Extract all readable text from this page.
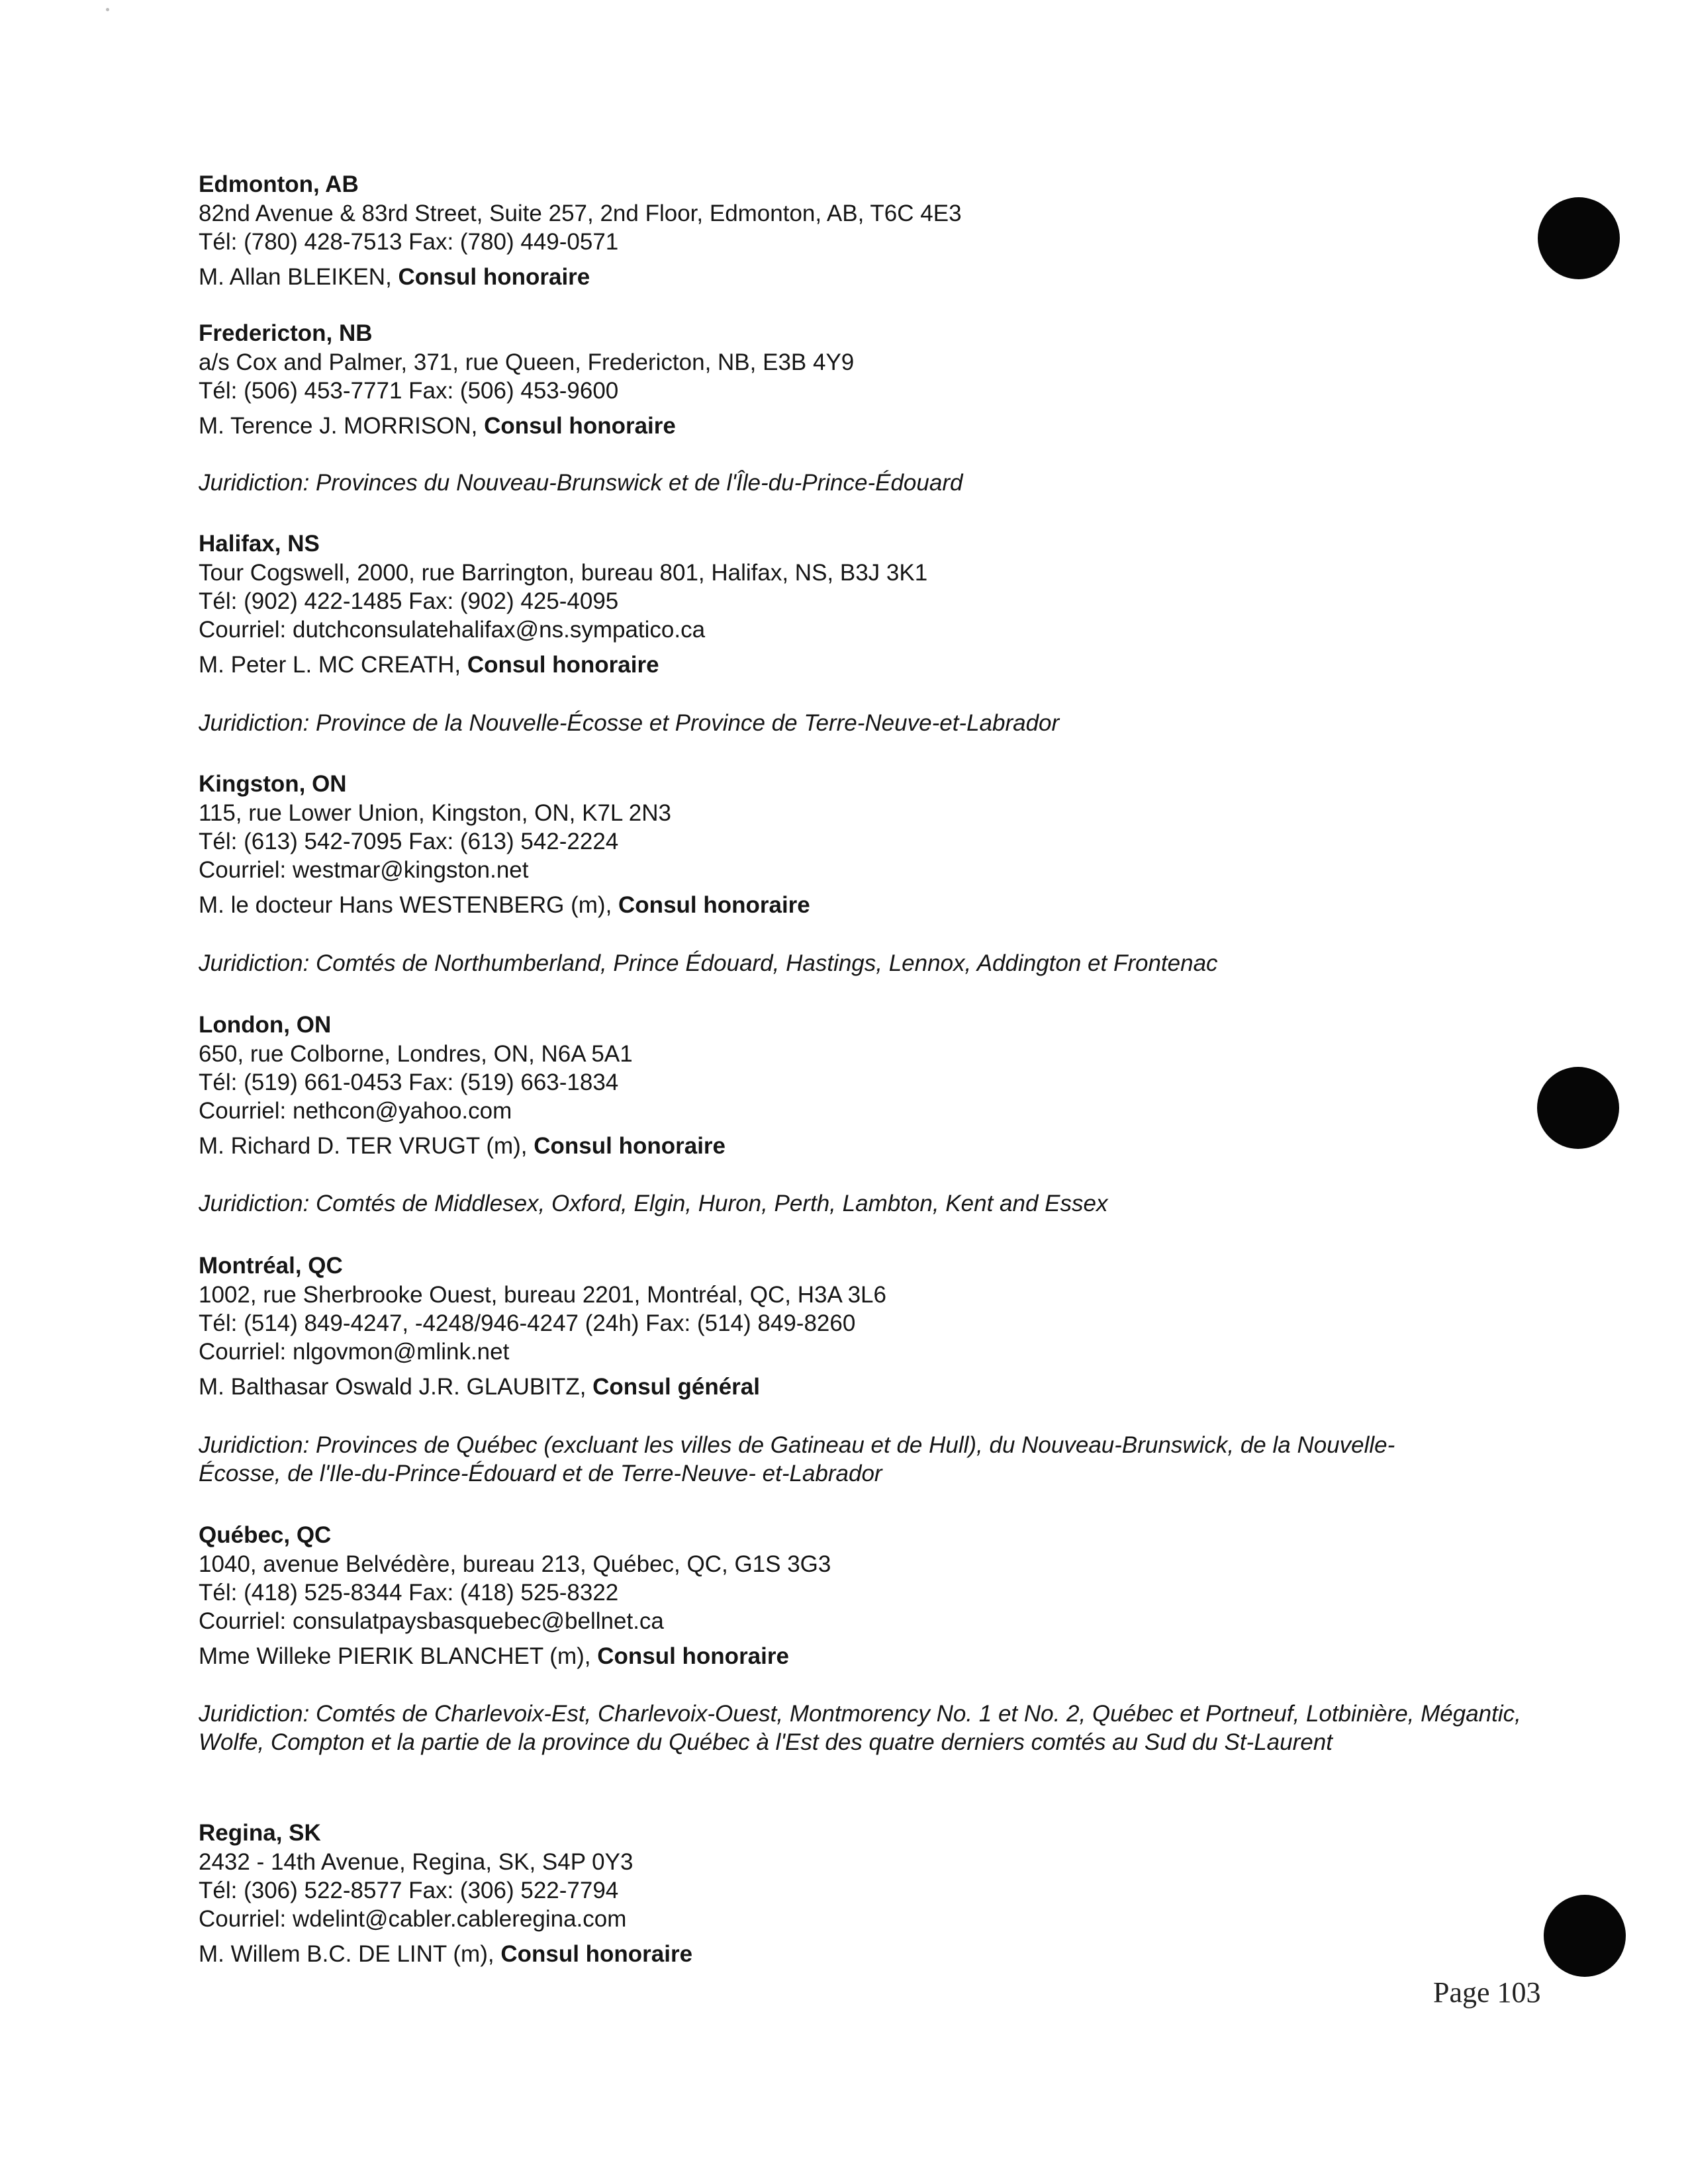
Edmonton, AB
82nd Avenue & 83rd Street, Suite 257, 2nd Floor, Edmonton, AB, T6C 4E3
Tél: (780) 428-7513 Fax: (780) 449-0571
M. Allan BLEIKEN, Consul honoraire
Fredericton, NB
a/s Cox and Palmer, 371, rue Queen, Fredericton, NB, E3B 4Y9
Tél: (506) 453-7771 Fax: (506) 453-9600
M. Terence J. MORRISON, Consul honoraire
Juridiction: Provinces du Nouveau-Brunswick et de l'Île-du-Prince-Édouard
Halifax, NS
Tour Cogswell, 2000, rue Barrington, bureau 801, Halifax, NS, B3J 3K1
Tél: (902) 422-1485 Fax: (902) 425-4095
Courriel: dutchconsulatehalifax@ns.sympatico.ca
M. Peter L. MC CREATH, Consul honoraire
Juridiction: Province de la Nouvelle-Écosse et Province de Terre-Neuve-et-Labrador
Kingston, ON
115, rue Lower Union, Kingston, ON, K7L 2N3
Tél: (613) 542-7095 Fax: (613) 542-2224
Courriel: westmar@kingston.net
M. le docteur Hans WESTENBERG (m), Consul honoraire
Juridiction: Comtés de Northumberland, Prince Édouard, Hastings, Lennox, Addington et Frontenac
London, ON
650, rue Colborne, Londres, ON, N6A 5A1
Tél: (519) 661-0453 Fax: (519) 663-1834
Courriel: nethcon@yahoo.com
M. Richard D. TER VRUGT (m), Consul honoraire
Juridiction: Comtés de Middlesex, Oxford, Elgin, Huron, Perth, Lambton, Kent and Essex
Montréal, QC
1002, rue Sherbrooke Ouest, bureau 2201, Montréal, QC, H3A 3L6
Tél: (514) 849-4247, -4248/946-4247 (24h) Fax: (514) 849-8260
Courriel: nlgovmon@mlink.net
M. Balthasar Oswald J.R. GLAUBITZ, Consul général
Juridiction: Provinces de Québec (excluant les villes de Gatineau et de Hull), du Nouveau-Brunswick, de la Nouvelle-Écosse, de l'Ile-du-Prince-Édouard et de Terre-Neuve- et-Labrador
Québec, QC
1040, avenue Belvédère, bureau 213, Québec, QC, G1S 3G3
Tél: (418) 525-8344 Fax: (418) 525-8322
Courriel: consulatpaysbasquebec@bellnet.ca
Mme Willeke PIERIK BLANCHET (m), Consul honoraire
Juridiction: Comtés de Charlevoix-Est, Charlevoix-Ouest, Montmorency No. 1 et No. 2, Québec et Portneuf, Lotbinière, Mégantic, Wolfe, Compton et la partie de la province du Québec à l'Est des quatre derniers comtés au Sud du St-Laurent
Regina, SK
2432 - 14th Avenue, Regina, SK, S4P 0Y3
Tél: (306) 522-8577 Fax: (306) 522-7794
Courriel: wdelint@cabler.cableregina.com
M. Willem B.C. DE LINT (m), Consul honoraire
Page 103
